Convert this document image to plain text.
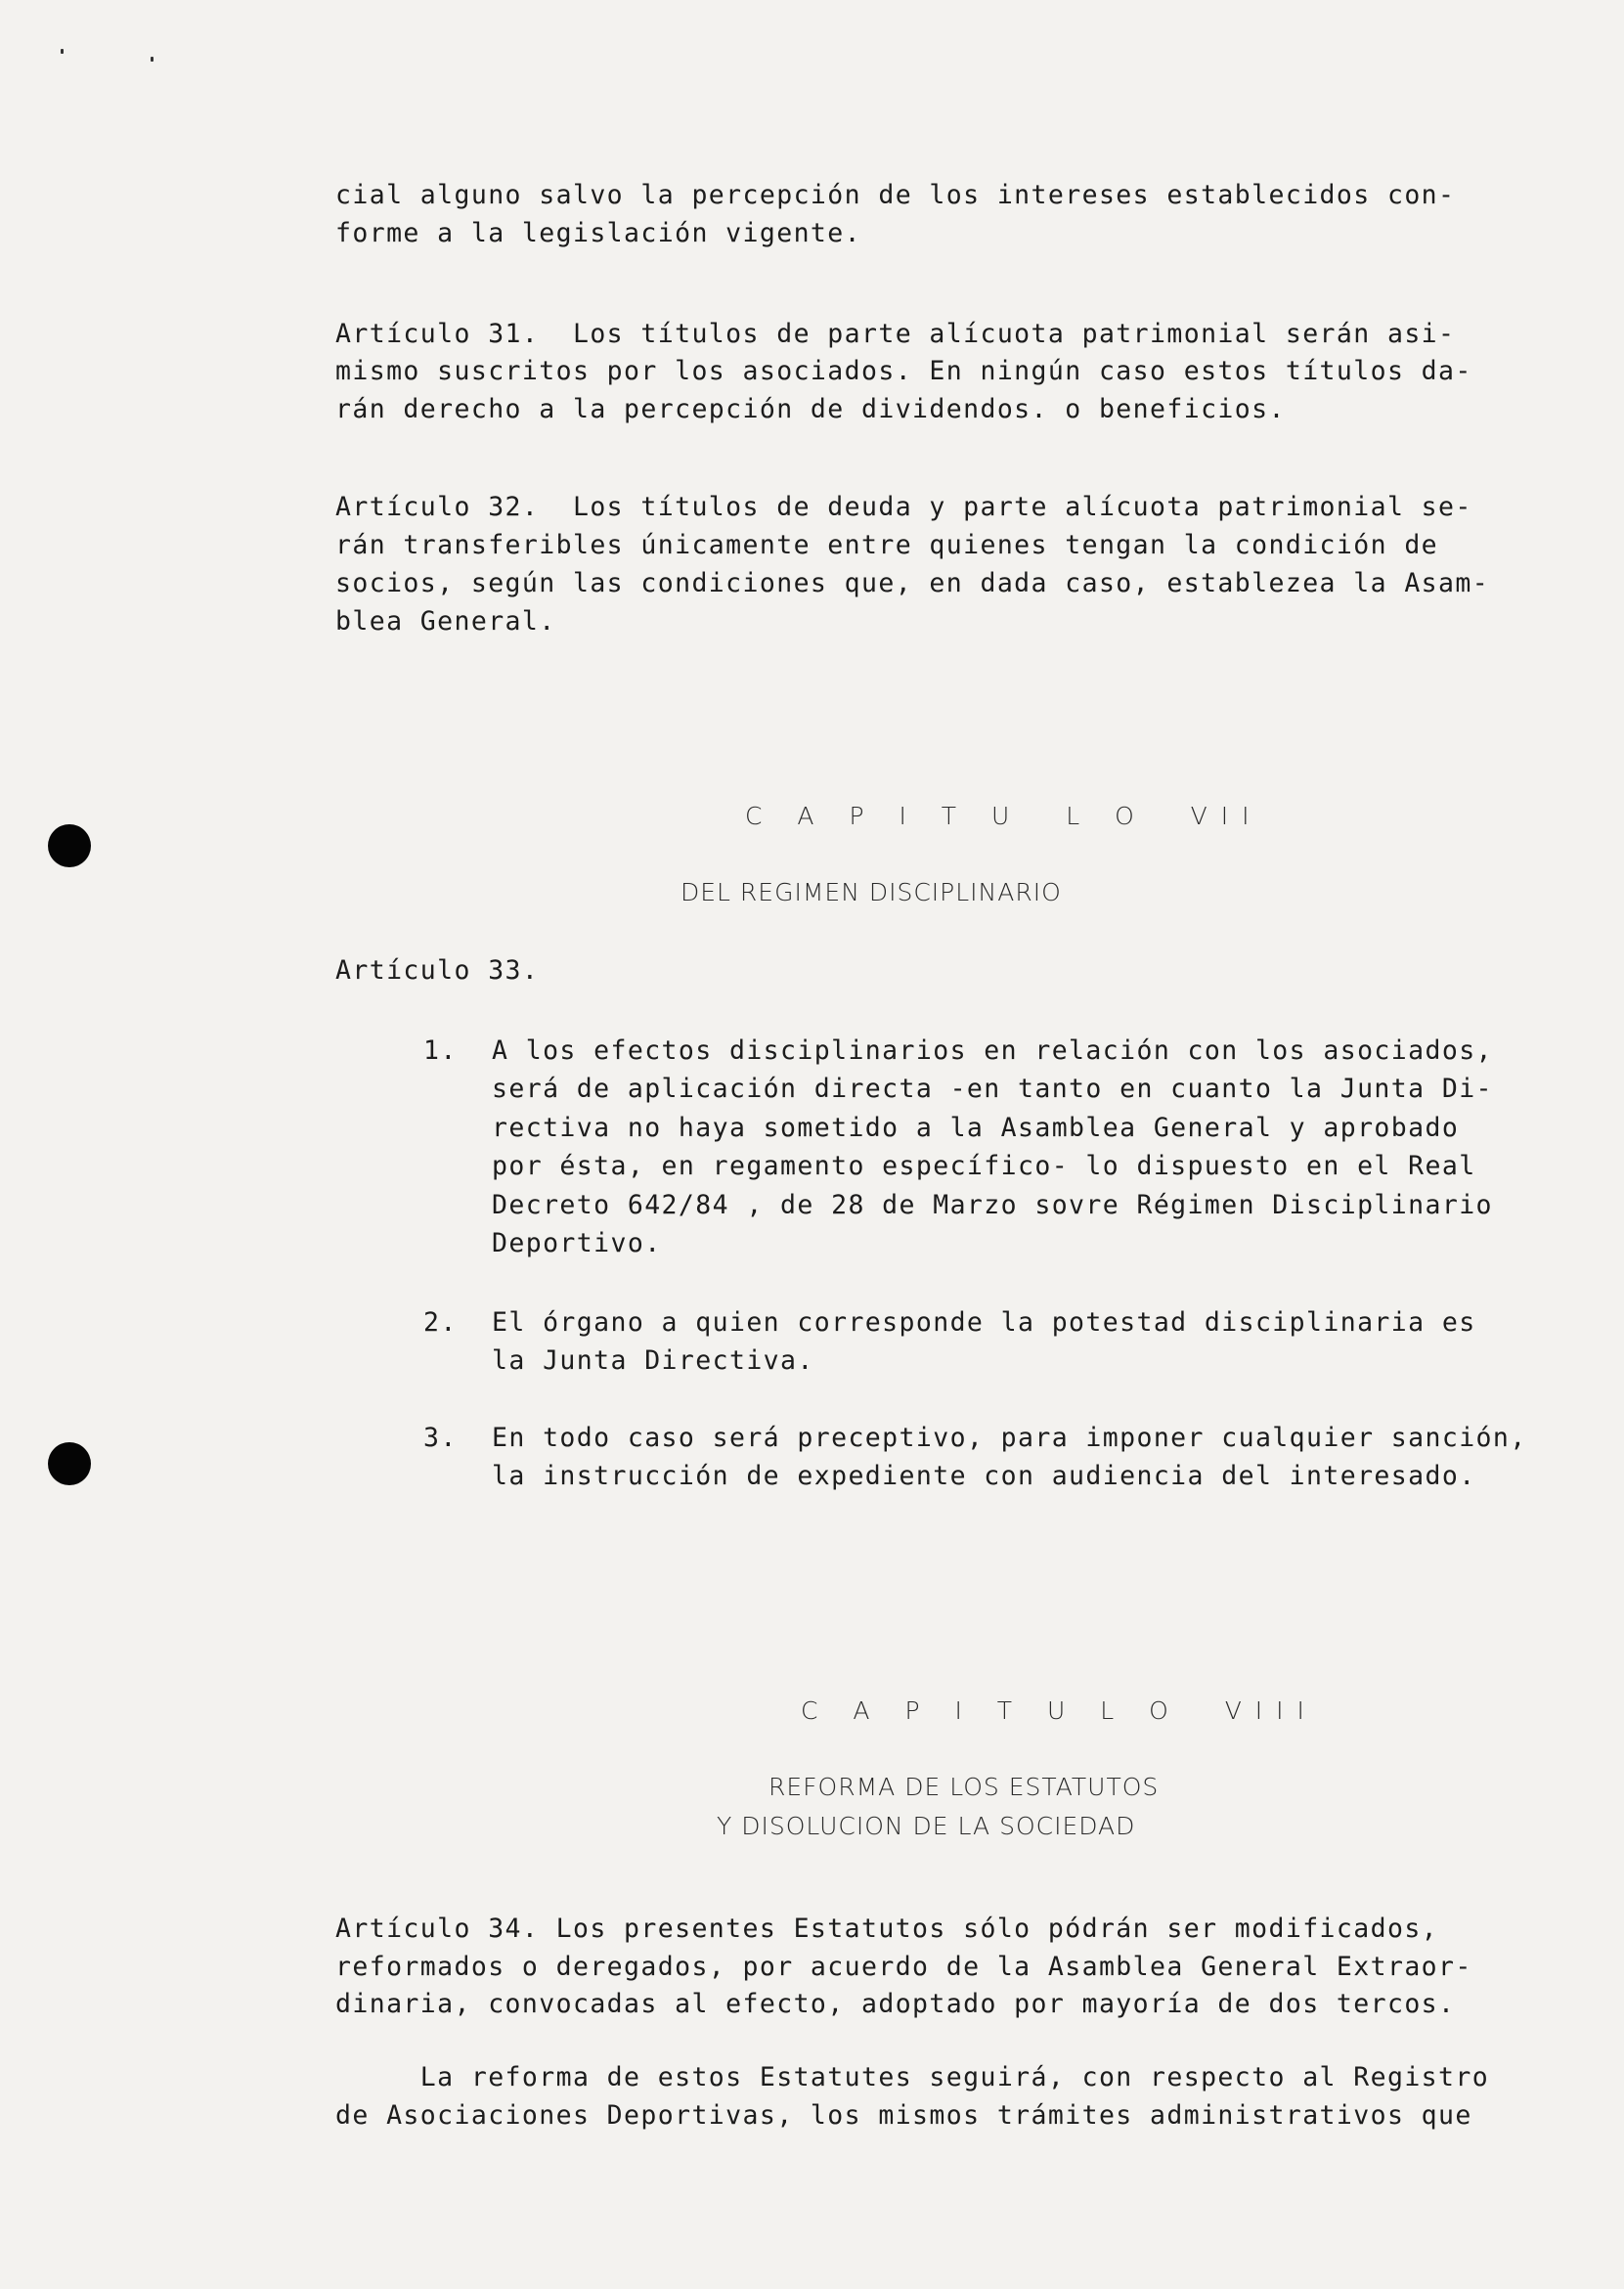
cial alguno salvo la percepción de los intereses establecidos con-
forme a la legislación vigente.
Artículo 31.  Los títulos de parte alícuota patrimonial serán asi-
mismo suscritos por los asociados. En ningún caso estos títulos da-
rán derecho a la percepción de dividendos. o beneficios.
Artículo 32.  Los títulos de deuda y parte alícuota patrimonial se-
rán transferibles únicamente entre quienes tengan la condición de
socios, según las condiciones que, en dada caso, establezea la Asam-
blea General.
C A P I T U  L O  VII
DEL REGIMEN DISCIPLINARIO
Artículo 33.
1. A los efectos disciplinarios en relación con los asociados,
será de aplicación directa -en tanto en cuanto la Junta Di-
rectiva no haya sometido a la Asamblea General y aprobado
por ésta, en regamento específico- lo dispuesto en el Real
Decreto 642/84 , de 28 de Marzo sovre Régimen Disciplinario
Deportivo.
2. El órgano a quien corresponde la potestad disciplinaria es
la Junta Directiva.
3. En todo caso será preceptivo, para imponer cualquier sanción,
la instrucción de expediente con audiencia del interesado.
C A P I T U L O  VIII
REFORMA DE LOS ESTATUTOS
Y DISOLUCION DE LA SOCIEDAD
Artículo 34. Los presentes Estatutos sólo pódrán ser modificados,
reformados o deregados, por acuerdo de la Asamblea General Extraor-
dinaria, convocadas al efecto, adoptado por mayoría de dos tercos.
La reforma de estos Estatutes seguirá, con respecto al Registro
de Asociaciones Deportivas, los mismos trámites administrativos que
